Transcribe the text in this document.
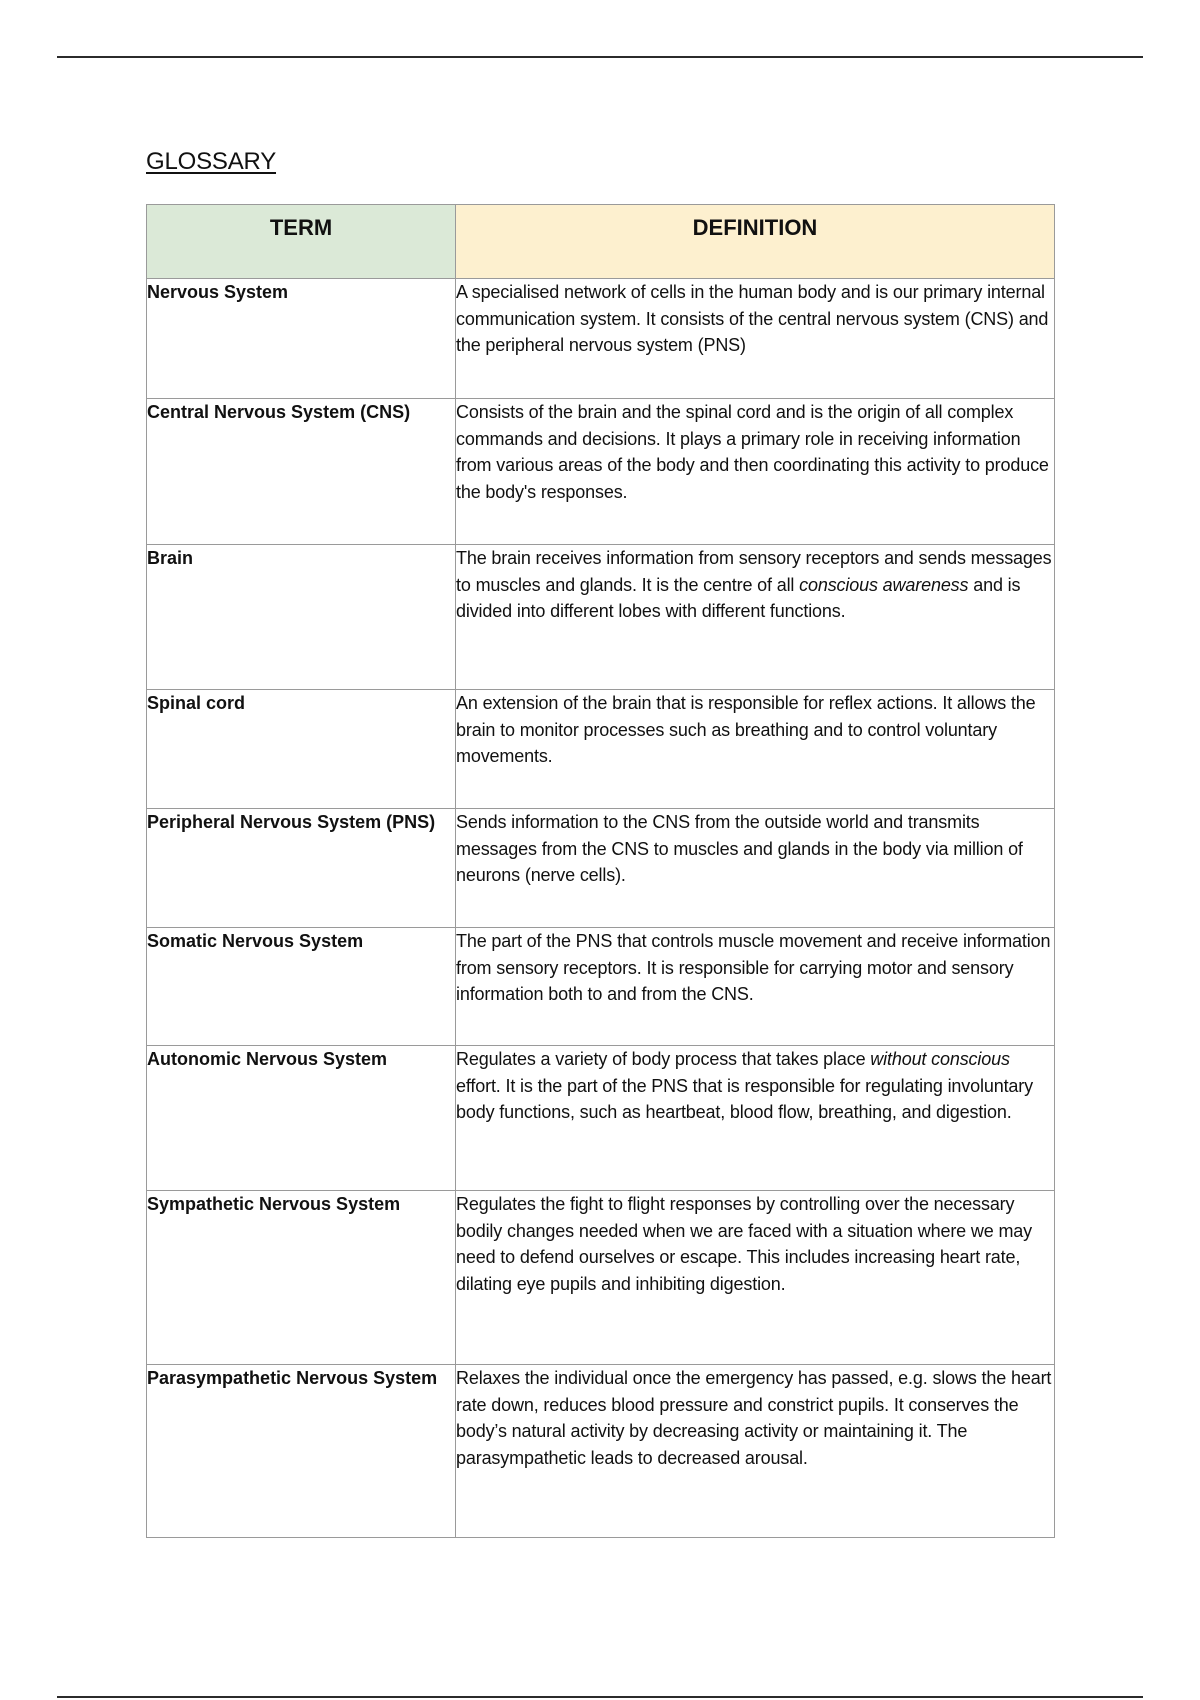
GLOSSARY
TERM	DEFINITION
Nervous System	A specialised network of cells in the human body and is our primary internal communication system. It consists of the central nervous system (CNS) and the peripheral nervous system (PNS)
Central Nervous System (CNS)	Consists of the brain and the spinal cord and is the origin of all complex commands and decisions. It plays a primary role in receiving information from various areas of the body and then coordinating this activity to produce the body's responses.
Brain	The brain receives information from sensory receptors and sends messages to muscles and glands. It is the centre of all conscious awareness and is divided into different lobes with different functions.
Spinal cord	An extension of the brain that is responsible for reflex actions. It allows the brain to monitor processes such as breathing and to control voluntary movements.
Peripheral Nervous System (PNS)	Sends information to the CNS from the outside world and transmits messages from the CNS to muscles and glands in the body via million of neurons (nerve cells).
Somatic Nervous System	The part of the PNS that controls muscle movement and receive information from sensory receptors. It is responsible for carrying motor and sensory information both to and from the CNS.
Autonomic Nervous System	Regulates a variety of body process that takes place without conscious effort. It is the part of the PNS that is responsible for regulating involuntary body functions, such as heartbeat, blood flow, breathing, and digestion.
Sympathetic Nervous System	Regulates the fight to flight responses by controlling over the necessary bodily changes needed when we are faced with a situation where we may need to defend ourselves or escape. This includes increasing heart rate, dilating eye pupils and inhibiting digestion.
Parasympathetic Nervous System	Relaxes the individual once the emergency has passed, e.g. slows the heart rate down, reduces blood pressure and constrict pupils. It conserves the body’s natural activity by decreasing activity or maintaining it. The parasympathetic leads to decreased arousal.
